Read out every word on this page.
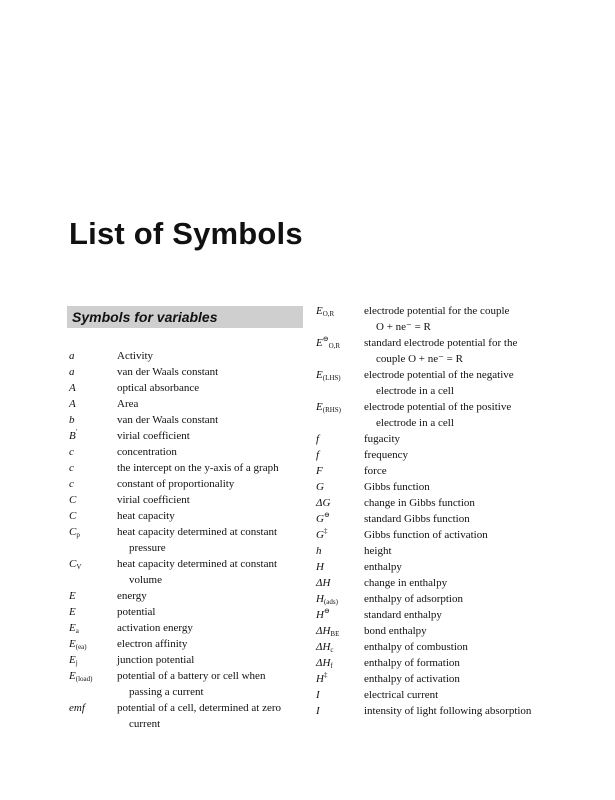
List of Symbols
Symbols for variables
a	Activity
a	van der Waals constant
A	optical absorbance
A	Area
b	van der Waals constant
B′	virial coefficient
c	concentration
c	the intercept on the y-axis of a graph
c	constant of proportionality
C	virial coefficient
C	heat capacity
$C_p$	heat capacity determined at constant
pressure
$C_V$	heat capacity determined at constant
volume
E	energy
E	potential
$E_a$	activation energy
$E_{(ea)}$	electron affinity
$E_j$	junction potential
$E_{(load)}$	potential of a battery or cell when
passing a current
emf	potential of a cell, determined at zero
current
$E_{O,R}$	electrode potential for the couple
O + ne⁻ = R
$E^⊖_{O,R}$	standard electrode potential for the
couple O + ne⁻ = R
$E_{(LHS)}$	electrode potential of the negative
electrode in a cell
$E_{(RHS)}$	electrode potential of the positive
electrode in a cell
f	fugacity
f	frequency
F	force
G	Gibbs function
ΔG	change in Gibbs function
G⊖	standard Gibbs function
G‡	Gibbs function of activation
h	height
H	enthalpy
ΔH	change in enthalpy
$H_{(ads)}$	enthalpy of adsorption
H⊖	standard enthalpy
$\Delta H_{BE}$	bond enthalpy
$\Delta H_c$	enthalpy of combustion
$\Delta H_f$	enthalpy of formation
H‡	enthalpy of activation
I	electrical current
I	intensity of light following absorption
